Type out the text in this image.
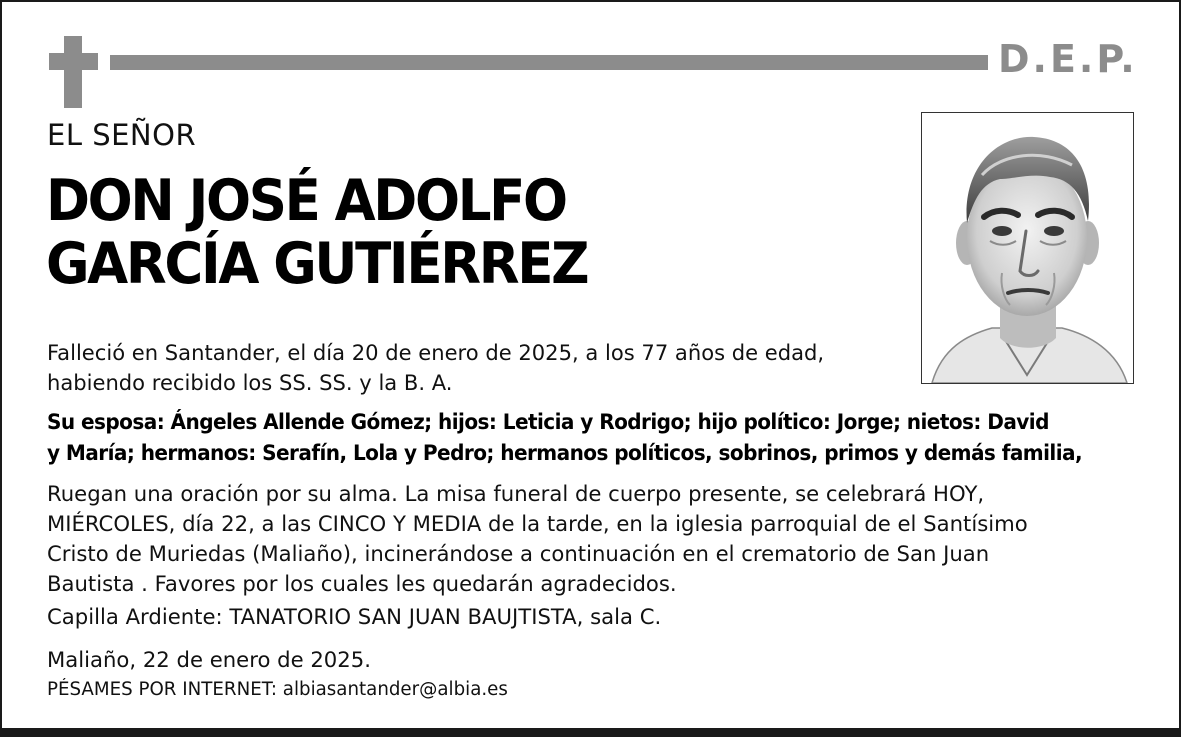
D.E.P.
EL SEÑOR
DON JOSÉ ADOLFO
GARCÍA GUTIÉRREZ
Falleció en Santander, el día 20 de enero de 2025, a los 77 años de edad,
habiendo recibido los SS. SS. y la B. A.
Su esposa: Ángeles Allende Gómez; hijos: Leticia y Rodrigo; hijo político: Jorge; nietos: David
y María; hermanos: Serafín, Lola y Pedro; hermanos políticos, sobrinos, primos y demás familia,
Ruegan una oración por su alma. La misa funeral de cuerpo presente, se celebrará HOY,
MIÉRCOLES, día 22, a las CINCO Y MEDIA de la tarde, en la iglesia parroquial de el Santísimo
Cristo de Muriedas (Maliaño), incinerándose a continuación en el crematorio de San Juan
Bautista . Favores por los cuales les quedarán agradecidos.
Capilla Ardiente: TANATORIO SAN JUAN BAUJTISTA, sala C.
Maliaño, 22 de enero de 2025.
PÉSAMES POR INTERNET: albiasantander@albia.es
